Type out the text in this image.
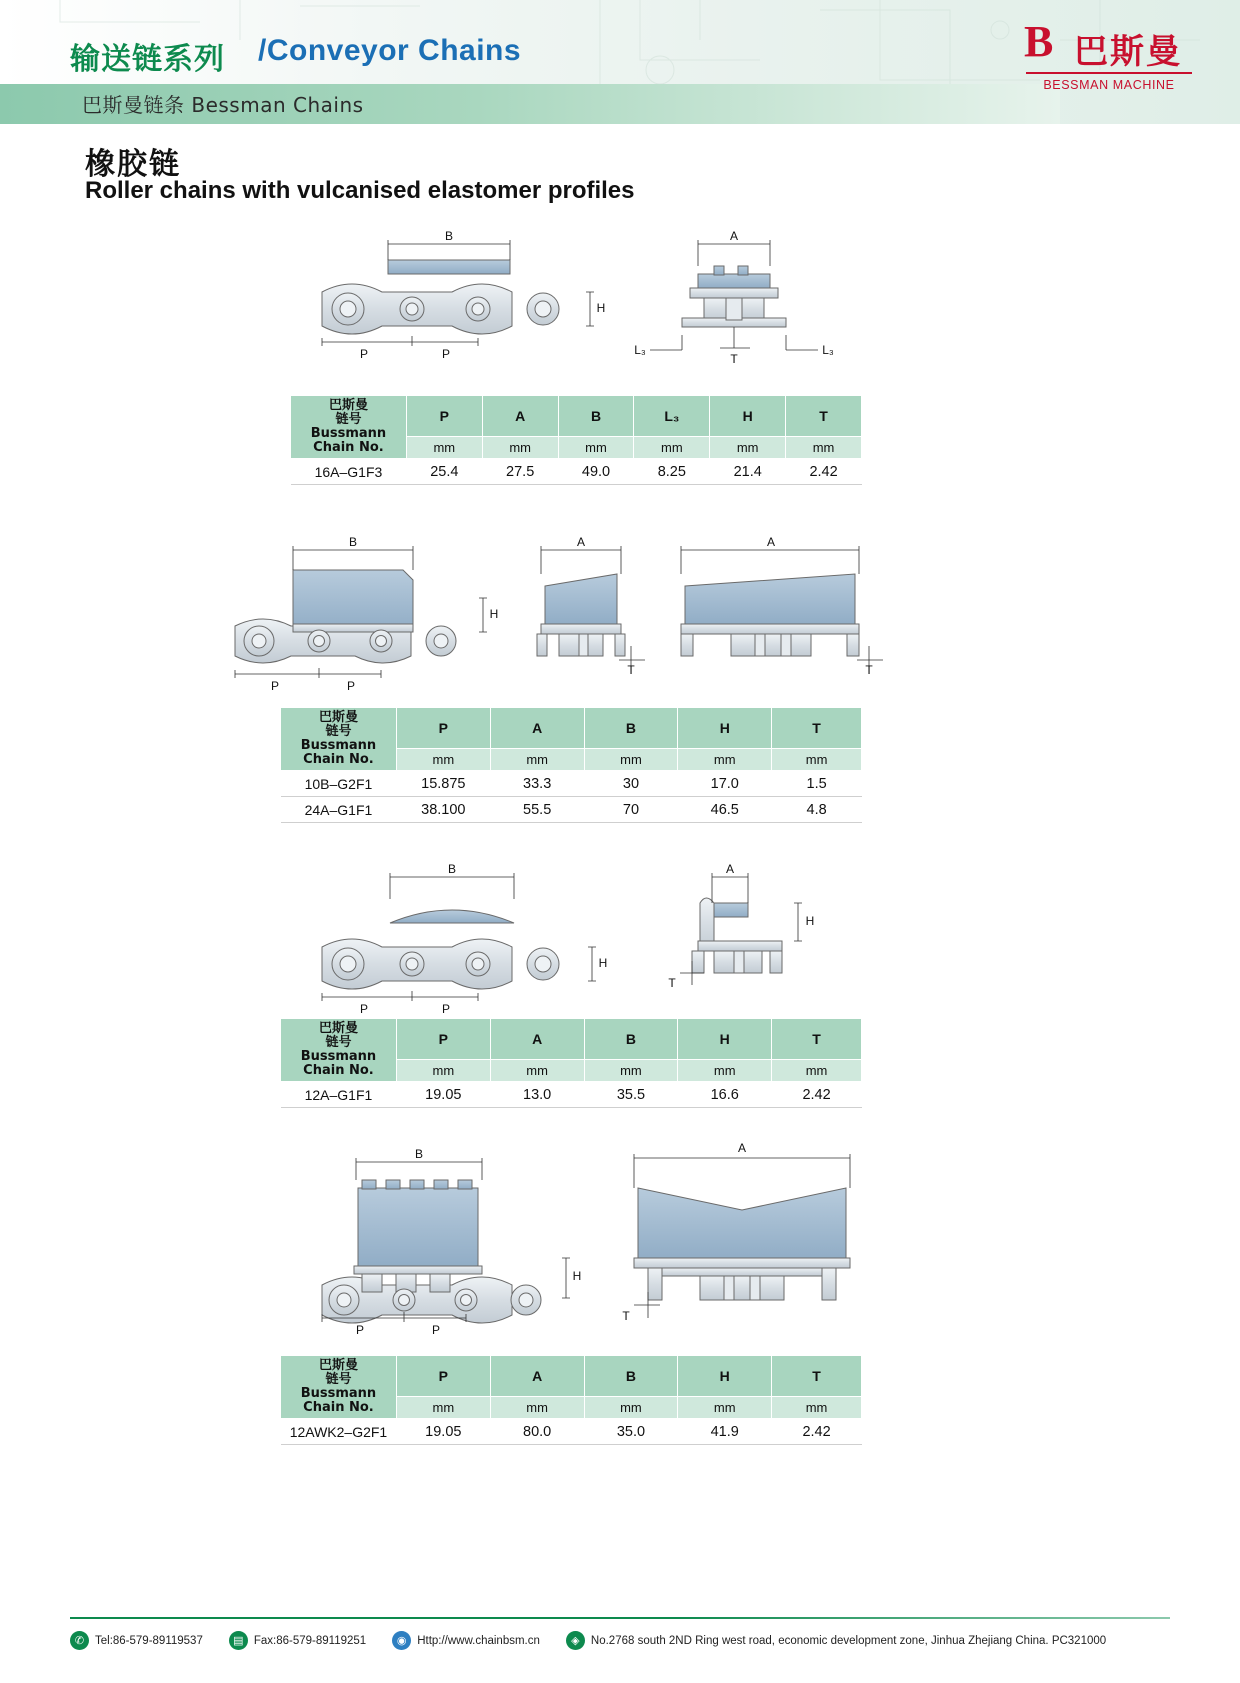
输送链系列 /Conveyor Chains
巴斯曼链条 Bessman Chains
B 巴斯曼
BESSMAN MACHINE
橡胶链
Roller chains with vulcanised elastomer profiles
B
H
P	P
A
L₃	L₃
T
巴斯曼
链号
Bussmann
Chain No.	P	A	B	L₃	H	T
	mm	mm	mm	mm	mm	mm
16A–G1F3	25.4	27.5	49.0	8.25	21.4	2.42
B
H
P	P
A	A
T	T
巴斯曼
链号
Bussmann
Chain No.	P	A	B	H	T
	mm	mm	mm	mm	mm
10B–G2F1	15.875	33.3	30	17.0	1.5
24A–G1F1	38.100	55.5	70	46.5	4.8
B
H
P	P
A
H
T
巴斯曼
链号
Bussmann
Chain No.	P	A	B	H	T
	mm	mm	mm	mm	mm
12A–G1F1	19.05	13.0	35.5	16.6	2.42
B
H
P	P
A
T
巴斯曼
链号
Bussmann
Chain No.	P	A	B	H	T
	mm	mm	mm	mm	mm
12AWK2–G2F1	19.05	80.0	35.0	41.9	2.42
✆ Tel:86-579-89119537	▤ Fax:86-579-89119251	◉ Http://www.chainbsm.cn	◈ No.2768 south 2ND Ring west road, economic development zone, Jinhua Zhejiang China. PC321000
